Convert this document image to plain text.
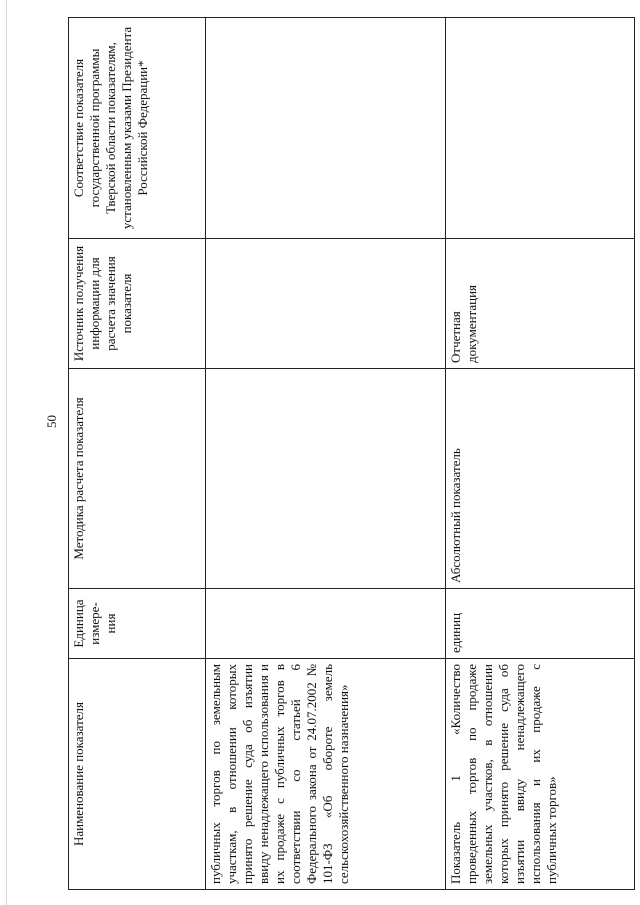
50
Наименование показателя	Единица измере-ния	Методика расчета показателя	Источник получения информации для расчета значения показателя	Соответствие показателя государственной программы Тверской области показателям, установленным указами Президента Российской Федерации*
публичных торгов по земельным участкам, в отношении которых принято решение суда об изъятии ввиду ненадлежащего использования и их продаже с публичных торгов в соответствии со статьей 6 Федерального закона от 24.07.2002 № 101-ФЗ «Об обороте земель сельскохозяйственного назначения»				
Показатель 1 «Количество проведенных торгов по продаже земельных участков, в отношении которых принято решение суда об изъятии ввиду ненадлежащего использования и их продаже с публичных торгов»	единиц	Абсолютный показатель	Отчетная документация	
